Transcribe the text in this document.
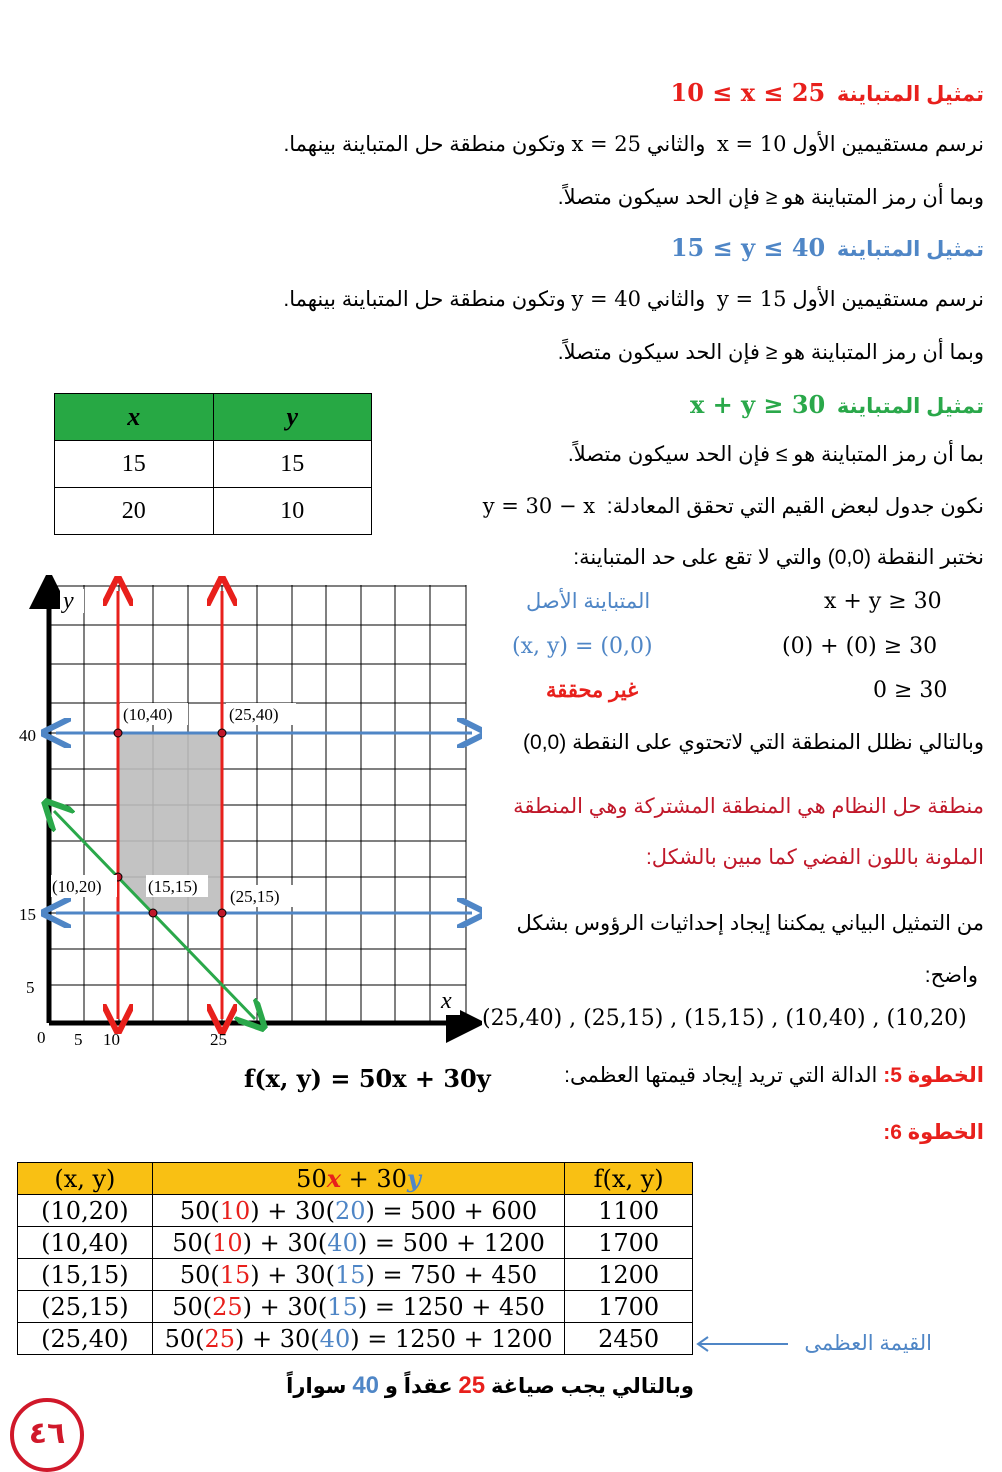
تمثيل المتباينة  10 ≤ x ≤ 25
نرسم مستقيمين الأول x = 10  والثاني x = 25 وتكون منطقة حل المتباينة بينهما.
وبما أن رمز المتباينة هو ≤ فإن الحد سيكون متصلاً.
تمثيل المتباينة  15 ≤ y ≤ 40
نرسم مستقيمين الأول y = 15  والثاني y = 40 وتكون منطقة حل المتباينة بينهما.
وبما أن رمز المتباينة هو ≤ فإن الحد سيكون متصلاً.
تمثيل المتباينة  x + y ≥ 30
بما أن رمز المتباينة هو ≥ فإن الحد سيكون متصلاً.
نكون جدول لبعض القيم التي تحقق المعادلة:  y = 30 − x
نختبر النقطة (0,0) والتي لا تقع على حد المتباينة:
المتباينة الأصل	x + y ≥ 30
(x, y) = (0,0)	(0) + (0) ≥ 30
غير محققة	0 ≥ 30
وبالتالي نظلل المنطقة التي لاتحتوي على النقطة (0,0)
منطقة حل النظام هي المنطقة المشتركة وهي المنطقة
الملونة باللون الفضي كما مبين بالشكل:
من التمثيل البياني يمكننا إيجاد إحداثيات الرؤوس بشكل
واضح:
(25,40) , (25,15) , (15,15) , (10,40) , (10,20)
x	y
15	15
20	10
(10,40)	(25,40)
(10,20)	(15,15)
(25,15)
y
x
0 5 10	25
5
15
40
الخطوة 5: الدالة التي تريد إيجاد قيمتها العظمى:
f(x, y) = 50x + 30y
الخطوة 6:
(x, y)	50x + 30y	f(x, y)
(10,20)	50(10) + 30(20) = 500 + 600	1100
(10,40)	50(10) + 30(40) = 500 + 1200	1700
(15,15)	50(15) + 30(15) = 750 + 450	1200
(25,15)	50(25) + 30(15) = 1250 + 450	1700
(25,40)	50(25) + 30(40) = 1250 + 1200	2450	القيمة العظمى
وبالتالي يجب صياغة 25 عقداً و 40 سواراً
٤٦
